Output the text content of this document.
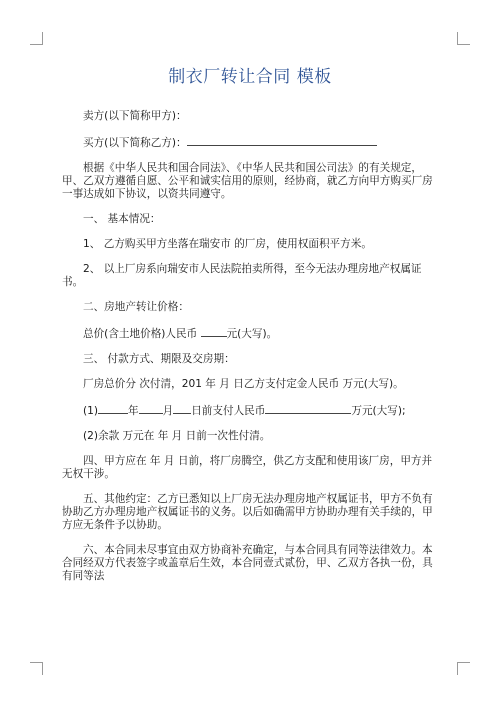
制衣厂转让合同 模板

卖方(以下简称甲方)：

买方(以下简称乙方)：

根据《中华人民共和国合同法》、《中华人民共和国公司法》的有关规定，甲、乙双方遵循自愿、公平和诚实信用的原则，经协商，就乙方向甲方购买厂房一事达成如下协议，以资共同遵守。

一、 基本情况：

1、 乙方购买甲方坐落在瑞安市 的厂房，使用权面积平方米。

2、 以上厂房系向瑞安市人民法院拍卖所得，至今无法办理房地产权属证书。

二、房地产转让价格：

总价(含土地价格)人民币 元(大写)。

三、 付款方式、期限及交房期：

厂房总价分 次付清，201 年 月 日乙方支付定金人民币 万元(大写)。

(1)	年 月 日前支付人民币	万元(大写);

(2)余款 万元在 年 月 日前一次性付清。

四、甲方应在 年 月 日前，将厂房腾空，供乙方支配和使用该厂房，甲方并无权干涉。

五、其他约定：乙方已悉知以上厂房无法办理房地产权属证书，甲方不负有协助乙方办理房地产权属证书的义务。以后如确需甲方协助办理有关手续的，甲方应无条件予以协助。

六、本合同未尽事宜由双方协商补充确定，与本合同具有同等法律效力。本合同经双方代表签字或盖章后生效，本合同壹式贰份，甲、乙双方各执一份，具有同等法
